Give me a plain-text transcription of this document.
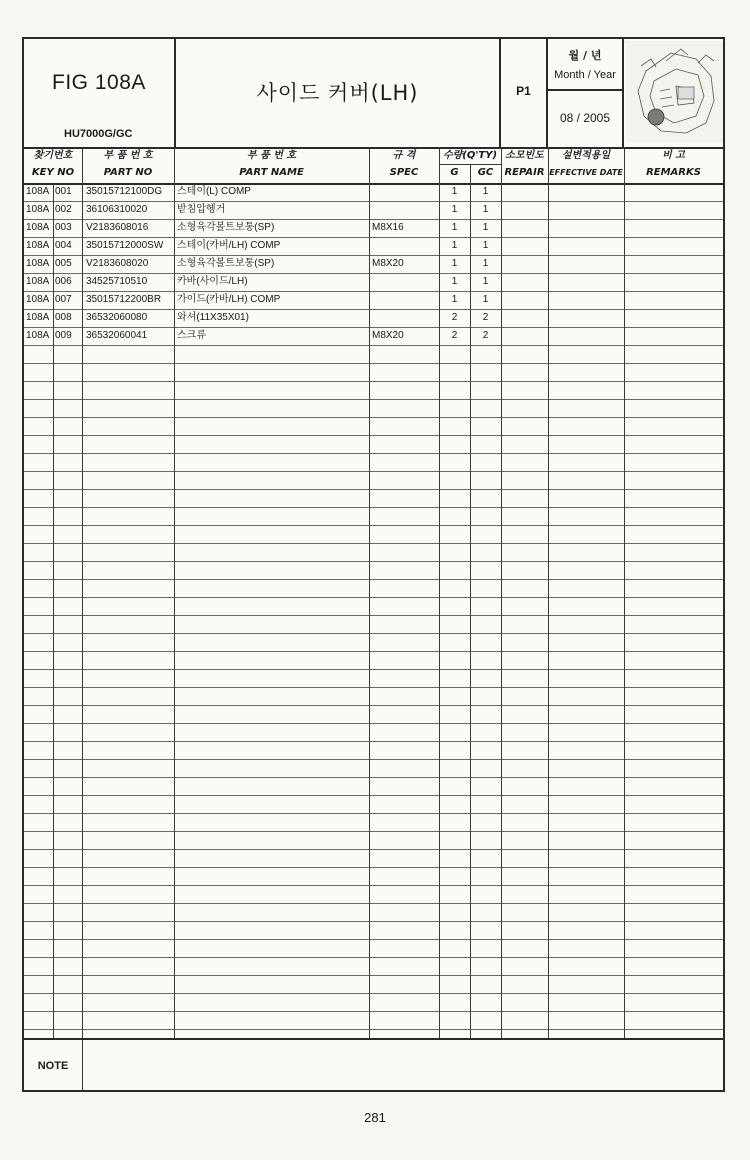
FIG 108A
HU7000G/GC
사이드 커버(LH)	P1
월 / 년
Month / Year
08 / 2005
찾기번호
KEY NO
부 품 번 호
PART NO
부 품 번 호
PART NAME
규 격
SPEC
수량(Q'TY)
G	GC
소모빈도
REPAIR
설변적용일
EFFECTIVE DATE
비 고
REMARKS
108A 001 35015712100DG 스테이(L) COMP	1	1
108A 002 36106310020	받침압헹거	1	1
108A 003 V2183608016	소형육각볼트보통(SP)	M8X16	1	1
108A 004 35015712000SW 스테이(카버/LH) COMP	1	1
108A 005 V2183608020	소형육각볼트보통(SP)	M8X20	1	1
108A 006 34525710510	카바(사이드/LH)	1	1
108A 007 35015712200BR 가이드(카바/LH) COMP	1	1
108A 008 36532060080	와셔(11X35X01)	2	2
108A 009 36532060041	스크류	M8X20	2	2
NOTE
281
